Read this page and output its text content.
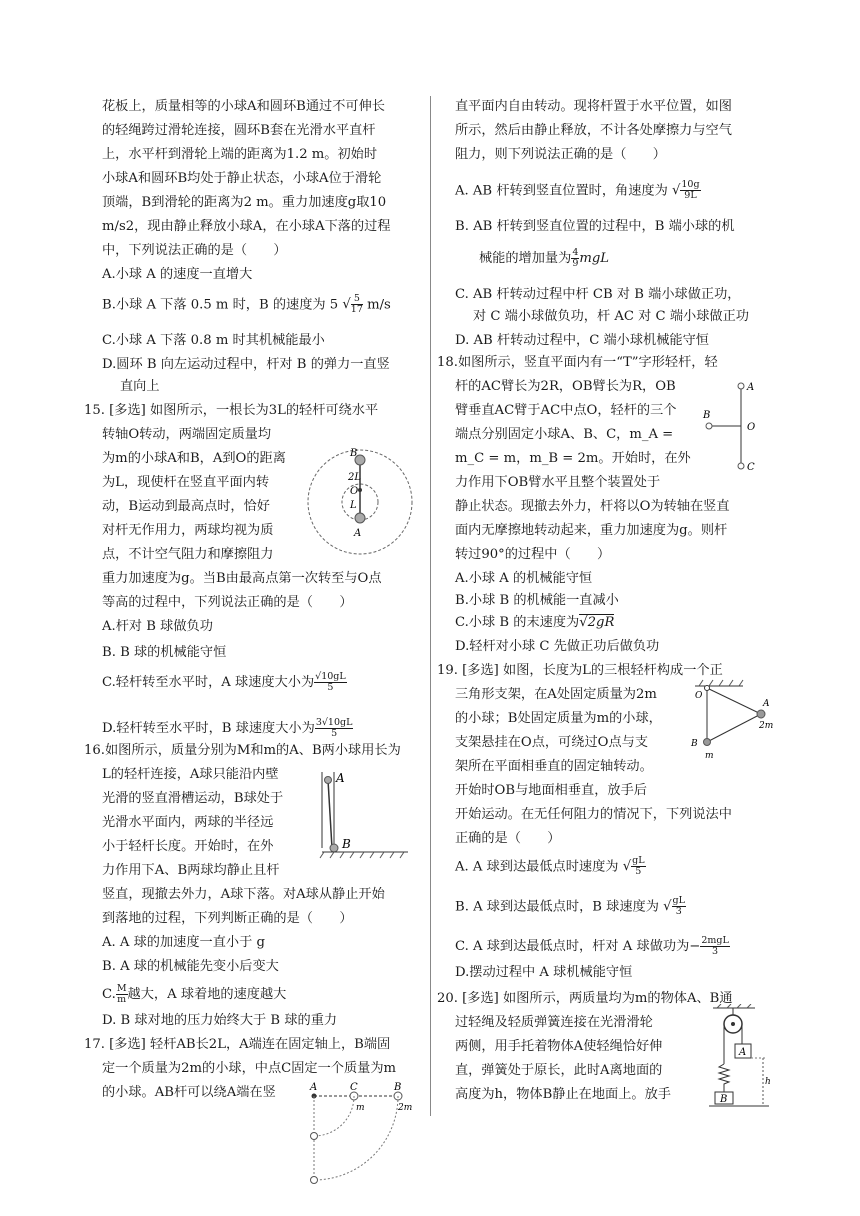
花板上，质量相等的小球A和圆环B通过不可伸长
的轻绳跨过滑轮连接，圆环B套在光滑水平直杆
上，水平杆到滑轮上端的距离为1.2 m。初始时
小球A和圆环B均处于静止状态，小球A位于滑轮
顶端，B到滑轮的距离为2 m。重力加速度g取10
m/s2，现由静止释放小球A，在小球A下落的过程
中，下列说法正确的是（　　）
A.小球 A 的速度一直增大
B.小球 A 下落 0.5 m 时，B 的速度为 5 √ $\frac{5}{17} m/s$
C.小球 A 下落 0.8 m 时其机械能最小
D.圆环 B 向左运动过程中，杆对 B 的弹力一直竖
直向上
15. [多选] 如图所示，一根长为3L的轻杆可绕水平
转轴O转动，两端固定质量均
为m的小球A和B，A到O的距离
为L，现使杆在竖直平面内转
动，B运动到最高点时，恰好
对杆无作用力，两球均视为质
点，不计空气阻力和摩擦阻力
重力加速度为g。当B由最高点第一次转至与O点
等高的过程中，下列说法正确的是（　　）
A.杆对 B 球做负功
B. B 球的机械能守恒
C.轻杆转至水平时，A 球速度大小为 $\frac{√10gL}{5}$
D.轻杆转至水平时，B 球速度大小为 $\frac{3√10gL}{5}$
B
2L
O
L
A
16.如图所示，质量分别为M和m的A、B两小球用长为
L的轻杆连接，A球只能沿内壁
光滑的竖直滑槽运动，B球处于
光滑水平面内，两球的半径远
小于轻杆长度。开始时，在外
力作用下A、B两球均静止且杆
竖直，现撤去外力，A球下落。对A球从静止开始
到落地的过程，下列判断正确的是（　　）
A. A 球的加速度一直小于 g
B. A 球的机械能先变小后变大
C. $\frac{M}{m}$ 越大，A 球着地的速度越大
D. B 球对地的压力始终大于 B 球的重力
A
B
17. [多选] 轻杆AB长2L，A端连在固定轴上，B端固
定一个质量为2m的小球，中点C固定一个质量为m
的小球。AB杆可以绕A端在竖	A	C	B
m	2m
直平面内自由转动。现将杆置于水平位置，如图
所示，然后由静止释放，不计各处摩擦力与空气
阻力，则下列说法正确的是（　　）
A. AB 杆转到竖直位置时，角速度为 √ $\frac{10g}{9L}$
B. AB 杆转到竖直位置的过程中，B 端小球的机
械能的增加量为 $\frac{4}{9}$ mgL
C. AB 杆转动过程中杆 CB 对 B 端小球做正功，
对 C 端小球做负功，杆 AC 对 C 端小球做正功
D. AB 杆转动过程中，C 端小球机械能守恒
18.如图所示，竖直平面内有一“T”字形轻杆，轻
杆的AC臂长为2R，OB臂长为R，OB
臂垂直AC臂于AC中点O，轻杆的三个
端点分别固定小球A、B、C，m_A =
m_C = m，m_B = 2m。开始时，在外
力作用下OB臂水平且整个装置处于
静止状态。现撤去外力，杆将以O为转轴在竖直
面内无摩擦地转动起来，重力加速度为g。则杆
转过90°的过程中（　　）
A.小球 A 的机械能守恒
B.小球 B 的机械能一直减小
C.小球 B 的末速度为√2gR
D.轻杆对小球 C 先做正功后做负功
A
O
B
C
19. [多选] 如图，长度为L的三根轻杆构成一个正
三角形支架，在A处固定质量为2m
的小球；B处固定质量为m的小球，
支架悬挂在O点，可绕过O点与支
架所在平面相垂直的固定轴转动。
开始时OB与地面相垂直，放手后
开始运动。在无任何阻力的情况下，下列说法中
正确的是（　　）
A. A 球到达最低点时速度为 √ $\frac{gL}{5}$
B. A 球到达最低点时，B 球速度为 √ $\frac{gL}{3}$
C. A 球到达最低点时，杆对 A 球做功为− $\frac{\text{2mgL}}{3}$
D.摆动过程中 A 球机械能守恒
O
A
2m
B
m
20. [多选] 如图所示，两质量均为m的物体A、B通
过轻绳及轻质弹簧连接在光滑滑轮
两侧，用手托着物体A使轻绳恰好伸
直，弹簧处于原长，此时A离地面的
高度为h，物体B静止在地面上。放手
A
B
h
